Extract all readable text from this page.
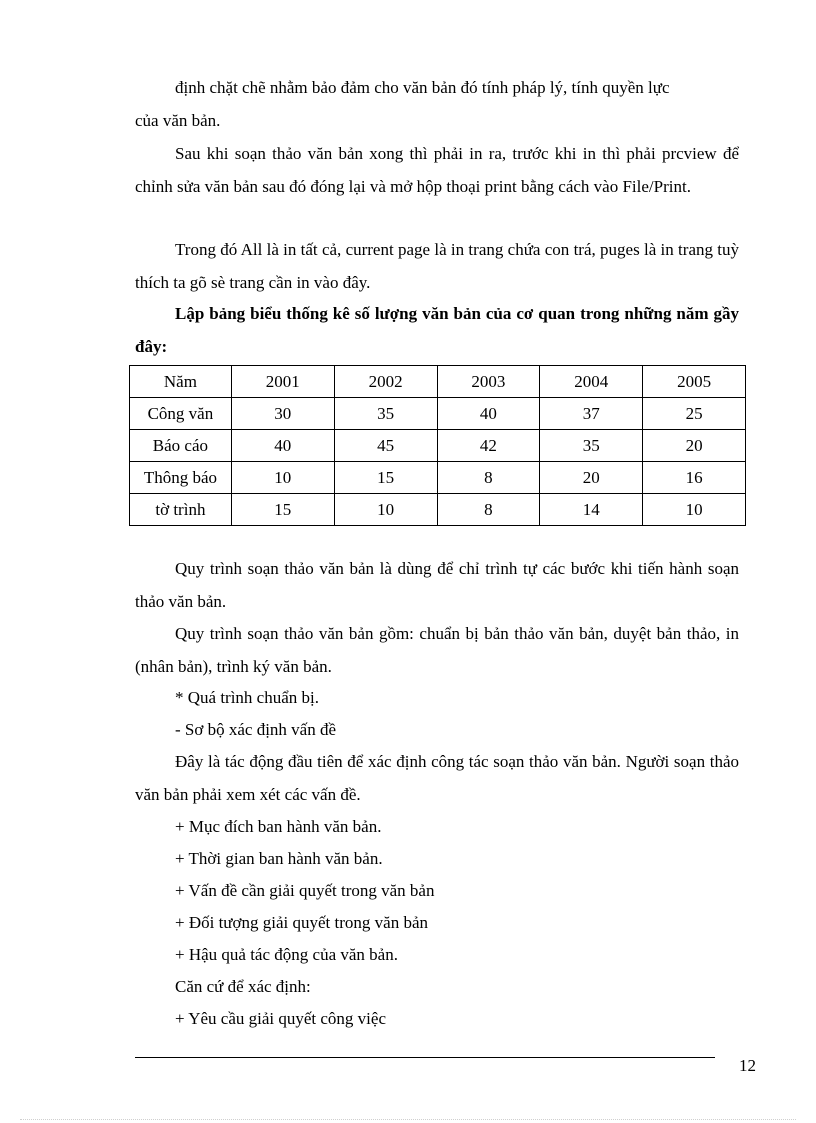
định chặt chẽ nhằm bảo đảm cho văn bản đó tính pháp lý, tính quyền lực

của văn bản.

Sau khi soạn thảo văn bản xong thì phải in ra, trước khi in thì phải prcview để chỉnh sửa văn bản sau đó đóng lại và mở hộp thoại print bằng cách vào File/Print.

Trong đó All là in tất cả, current page là in trang chứa con trá, puges là in trang tuỳ thích ta gõ sè trang cần in vào đây.

Lập bảng biểu thống kê số lượng văn bản của cơ quan trong những năm gầy đây:

Năm	2001	2002	2003	2004	2005
Công văn	30	35	40	37	25
Báo cáo	40	45	42	35	20
Thông báo	10	15	8	20	16
tờ trình	15	10	8	14	10

Quy trình soạn thảo văn bản là dùng để chỉ trình tự các bước khi tiến hành soạn thảo văn bản.

Quy trình soạn thảo văn bản gồm: chuẩn bị bản thảo văn bản, duyệt bản thảo, in (nhân bản), trình ký văn bản.

* Quá trình chuẩn bị.

- Sơ bộ xác định vấn đề

Đây là tác động đầu tiên để xác định công tác soạn thảo văn bản. Người soạn thảo văn bản phải xem xét các vấn đề.

+ Mục đích ban hành văn bản.

+ Thời gian ban hành văn bản.

+ Vấn đề cần giải quyết trong văn bản

+ Đối tượng giải quyết trong văn bản

+ Hậu quả tác động của văn bản.

Căn cứ để xác định:

+ Yêu cầu giải quyết công việc

12
